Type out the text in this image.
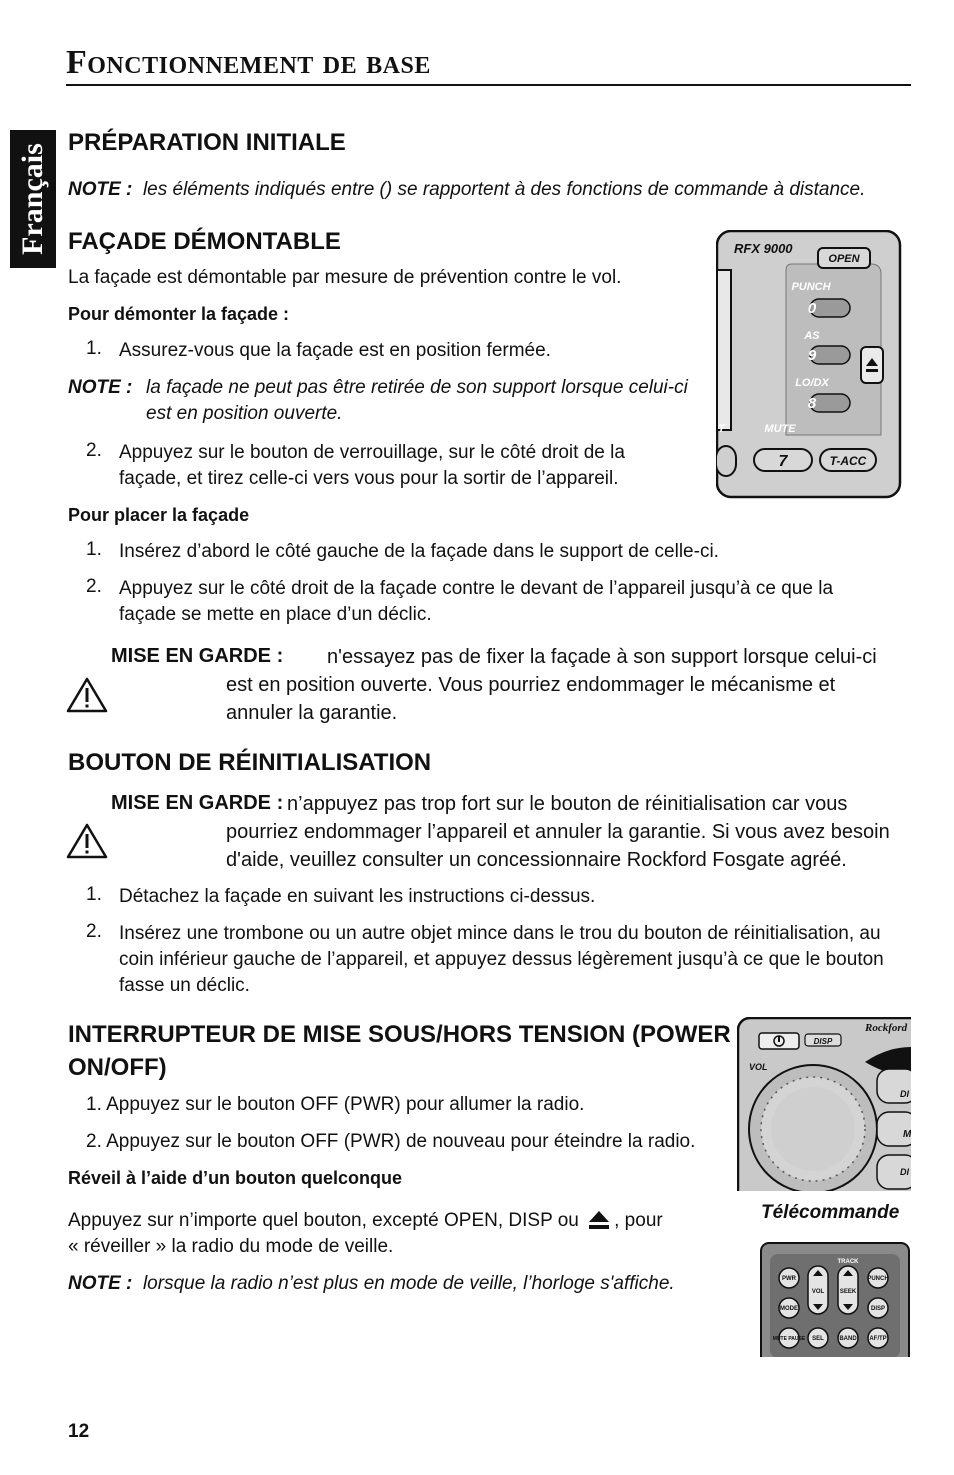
Fonctionnement de base
Français
PRÉPARATION INITIALE
NOTE : les éléments indiqués entre () se rapportent à des fonctions de commande à distance.
FAÇADE DÉMONTABLE
La façade est démontable par mesure de prévention contre le vol.
Pour démonter la façade :
1. Assurez-vous que la façade est en position fermée.
NOTE : la façade ne peut pas être retirée de son support lorsque celui-ci
est en position ouverte.
2. Appuyez sur le bouton de verrouillage, sur le côté droit de la
façade, et tirez celle-ci vers vous pour la sortir de l’appareil.
Pour placer la façade
1. Insérez d’abord le côté gauche de la façade dans le support de celle-ci.
2. Appuyez sur le côté droit de la façade contre le devant de l’appareil jusqu’à ce que la
façade se mette en place d’un déclic.
MISE EN GARDE : n'essayez pas de fixer la façade à son support lorsque celui-ci
est en position ouverte. Vous pourriez endommager le mécanisme et
annuler la garantie.
RFX 9000
OPEN
PUNCH
0
AS
9
LO/DX
8
T	MUTE
7	T-ACC
BOUTON DE RÉINITIALISATION
MISE EN GARDE : n’appuyez pas trop fort sur le bouton de réinitialisation car vous
pourriez endommager l’appareil et annuler la garantie. Si vous avez besoin
d'aide, veuillez consulter un concessionnaire Rockford Fosgate agréé.
1. Détachez la façade en suivant les instructions ci-dessus.
2. Insérez une trombone ou un autre objet mince dans le trou du bouton de réinitialisation, au
coin inférieur gauche de l’appareil, et appuyez dessus légèrement jusqu’à ce que le bouton
fasse un déclic.
INTERRUPTEUR DE MISE SOUS/HORS TENSION (POWER
ON/OFF)
1. Appuyez sur le bouton OFF (PWR) pour allumer la radio.
2. Appuyez sur le bouton OFF (PWR) de nouveau pour éteindre la radio.
Réveil à l’aide d’un bouton quelconque
Appuyez sur n’importe quel bouton, excepté OPEN, DISP ou , pour
« réveiller » la radio du mode de veille.
NOTE : lorsque la radio n’est plus en mode de veille, l’horloge s'affiche.
DISP
VOL
Rockford
DI
M
DI
Télécommande
TRACK
PWR
VOL	SEEK
PUNCH
MODE	DISP
MUTE PAUSE SEL	BAND AF/TP
12
